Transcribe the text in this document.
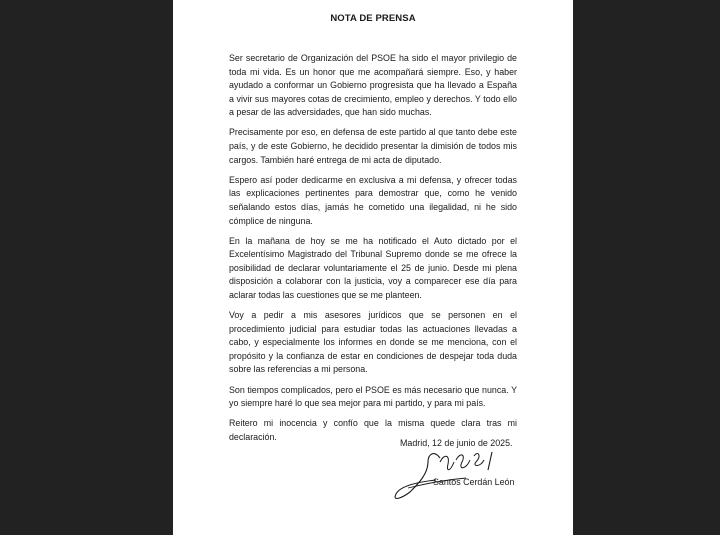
NOTA DE PRENSA

Ser secretario de Organización del PSOE ha sido el mayor privilegio de toda mi vida. Es un honor que me acompañará siempre. Eso, y haber ayudado a conformar un Gobierno progresista que ha llevado a España a vivir sus mayores cotas de crecimiento, empleo y derechos. Y todo ello a pesar de las adversidades, que han sido muchas.

Precisamente por eso, en defensa de este partido al que tanto debe este país, y de este Gobierno, he decidido presentar la dimisión de todos mis cargos. También haré entrega de mi acta de diputado.

Espero así poder dedicarme en exclusiva a mi defensa, y ofrecer todas las explicaciones pertinentes para demostrar que, como he venido señalando estos días, jamás he cometido una ilegalidad, ni he sido cómplice de ninguna.

En la mañana de hoy se me ha notificado el Auto dictado por el Excelentísimo Magistrado del Tribunal Supremo donde se me ofrece la posibilidad de declarar voluntariamente el 25 de junio. Desde mi plena disposición a colaborar con la justicia, voy a comparecer ese día para aclarar todas las cuestiones que se me planteen.

Voy a pedir a mis asesores jurídicos que se personen en el procedimiento judicial para estudiar todas las actuaciones llevadas a cabo, y especialmente los informes en donde se me menciona, con el propósito y la confianza de estar en condiciones de despejar toda duda sobre las referencias a mi persona.

Son tiempos complicados, pero el PSOE es más necesario que nunca. Y yo siempre haré lo que sea mejor para mi partido, y para mi país.

Reitero mi inocencia y confío que la misma quede clara tras mi declaración.

Madrid, 12 de junio de 2025.
Santos Cerdán León
